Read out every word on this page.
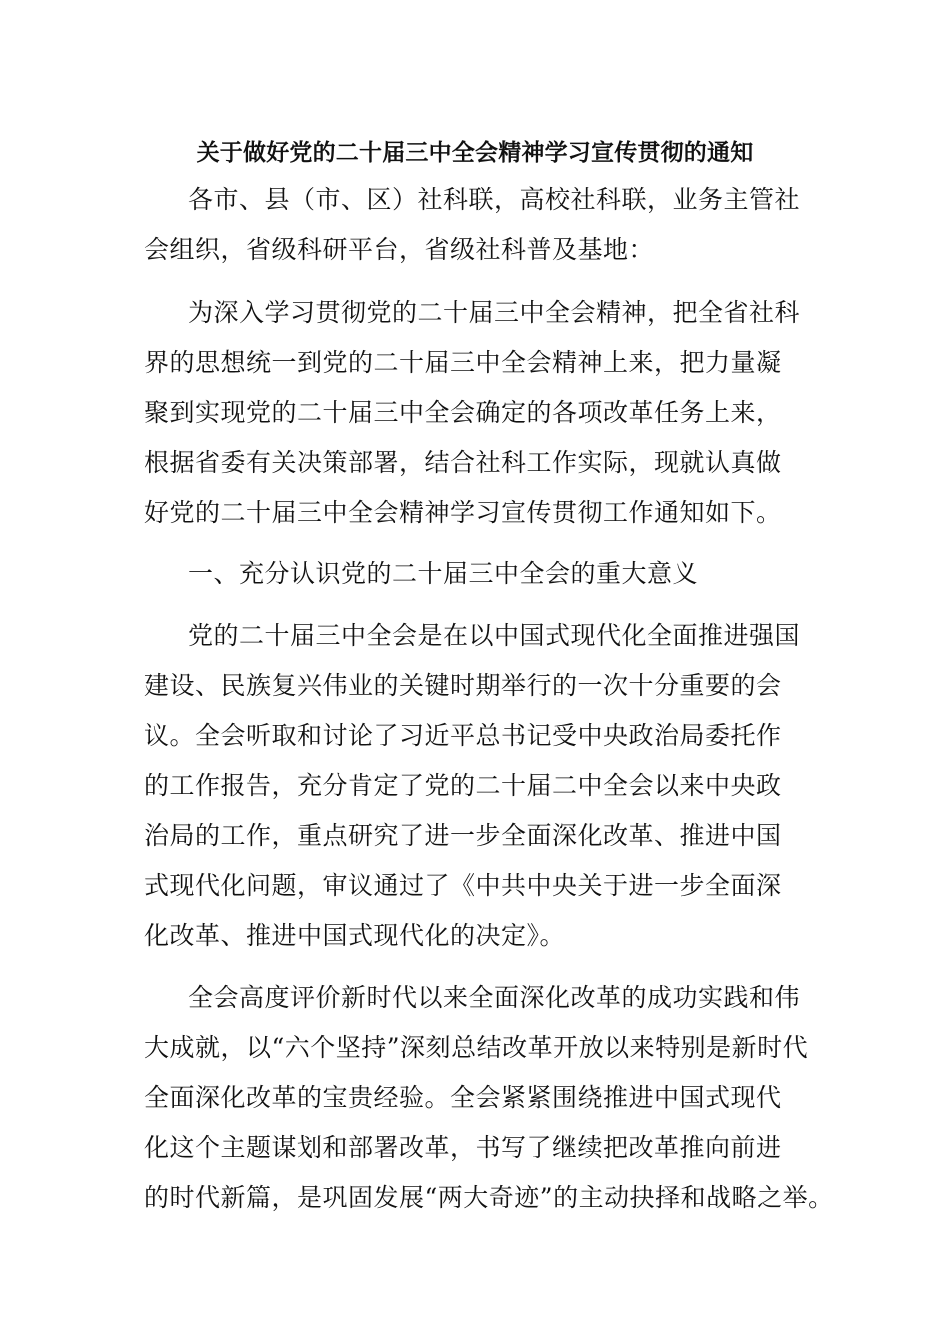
关于做好党的二十届三中全会精神学习宣传贯彻的通知
各市、县（市、区）社科联，高校社科联，业务主管社
会组织，省级科研平台，省级社科普及基地：
为深入学习贯彻党的二十届三中全会精神，把全省社科
界的思想统一到党的二十届三中全会精神上来，把力量凝
聚到实现党的二十届三中全会确定的各项改革任务上来，
根据省委有关决策部署，结合社科工作实际，现就认真做
好党的二十届三中全会精神学习宣传贯彻工作通知如下。
一、充分认识党的二十届三中全会的重大意义
党的二十届三中全会是在以中国式现代化全面推进强国
建设、民族复兴伟业的关键时期举行的一次十分重要的会
议。全会听取和讨论了习近平总书记受中央政治局委托作
的工作报告，充分肯定了党的二十届二中全会以来中央政
治局的工作，重点研究了进一步全面深化改革、推进中国
式现代化问题，审议通过了《中共中央关于进一步全面深
化改革、推进中国式现代化的决定》。
全会高度评价新时代以来全面深化改革的成功实践和伟
大成就，以“六个坚持”深刻总结改革开放以来特别是新时代
全面深化改革的宝贵经验。全会紧紧围绕推进中国式现代
化这个主题谋划和部署改革，书写了继续把改革推向前进
的时代新篇，是巩固发展“两大奇迹”的主动抉择和战略之举。
